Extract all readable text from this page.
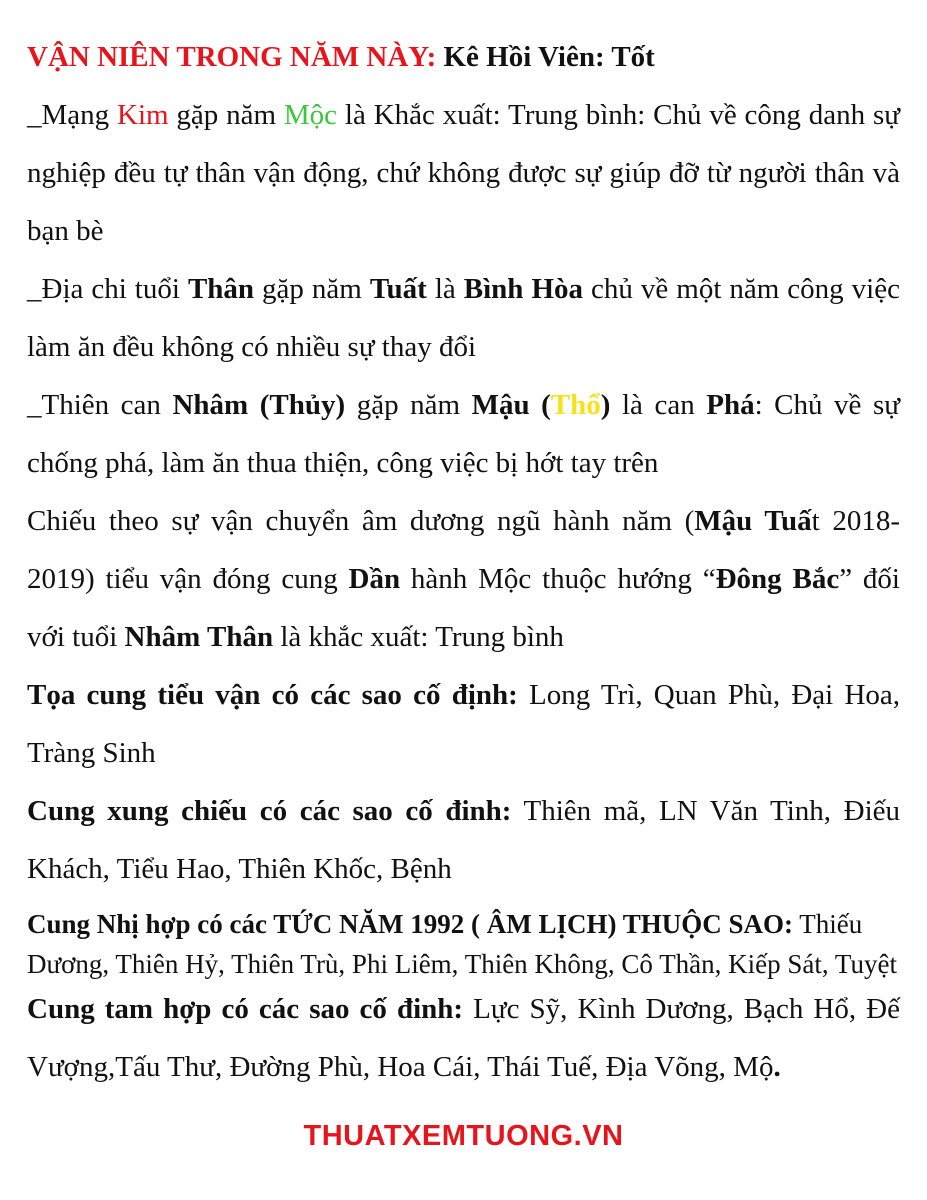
VẬN NIÊN TRONG NĂM NÀY: Kê Hồi Viên: Tốt

_Mạng Kim gặp năm Mộc là Khắc xuất: Trung bình: Chủ về công danh sự nghiệp đều tự thân vận động, chứ không được sự giúp đỡ từ người thân và bạn bè

_Địa chi tuổi Thân gặp năm Tuất là Bình Hòa chủ về một năm công việc làm ăn đều không có nhiều sự thay đổi

_Thiên can Nhâm (Thủy) gặp năm Mậu (Thổ) là can Phá: Chủ về sự chống phá, làm ăn thua thiện, công việc bị hớt tay trên

Chiếu theo sự vận chuyển âm dương ngũ hành năm (Mậu Tuất 2018- 2019) tiểu vận đóng cung Dần hành Mộc thuộc hướng “Đông Bắc” đối với tuổi Nhâm Thân là khắc xuất: Trung bình

Tọa cung tiểu vận có các sao cố định: Long Trì, Quan Phù, Đại Hoa, Tràng Sinh

Cung xung chiếu có các sao cố đinh: Thiên mã, LN Văn Tinh, Điếu Khách, Tiểu Hao, Thiên Khốc, Bệnh

Cung Nhị hợp có các TỨC NĂM 1992 ( ÂM LỊCH) THUỘC SAO: Thiếu Dương, Thiên Hỷ, Thiên Trù, Phi Liêm, Thiên Không, Cô Thần, Kiếp Sát, Tuyệt

Cung tam hợp có các sao cố đinh: Lực Sỹ, Kình Dương, Bạch Hổ, Đế Vượng,Tấu Thư, Đường Phù, Hoa Cái, Thái Tuế, Địa Võng, Mộ.

THUATXEMTUONG.VN
